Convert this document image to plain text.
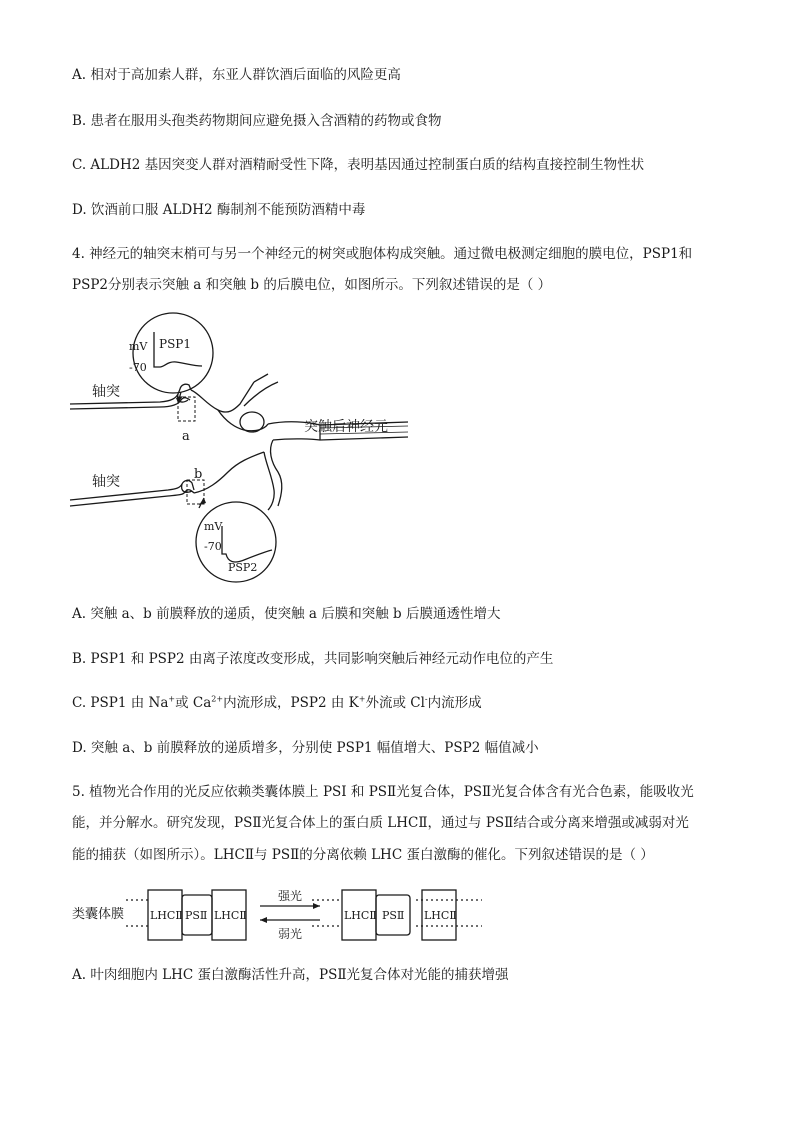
A. 相对于高加索人群，东亚人群饮酒后面临的风险更高
B. 患者在服用头孢类药物期间应避免摄入含酒精的药物或食物
C. ALDH2 基因突变人群对酒精耐受性下降，表明基因通过控制蛋白质的结构直接控制生物性状
D. 饮酒前口服 ALDH2 酶制剂不能预防酒精中毒
4. 神经元的轴突末梢可与另一个神经元的树突或胞体构成突触。通过微电极测定细胞的膜电位，PSP1和
PSP2分别表示突触 a 和突触 b 的后膜电位，如图所示。下列叙述错误的是（ ）
轴突
轴突
a
b
突触后神经元
mV
-70
PSP1
mV
-70
PSP2
A. 突触 a、b 前膜释放的递质，使突触 a 后膜和突触 b 后膜通透性增大
B. PSP1 和 PSP2 由离子浓度改变形成，共同影响突触后神经元动作电位的产生
C. PSP1 由 Na+或 $Ca^{2+}$内流形成，PSP2 由 K+外流或 Cl-内流形成
D. 突触 a、b 前膜释放的递质增多，分别使 PSP1 幅值增大、PSP2 幅值减小
5. 植物光合作用的光反应依赖类囊体膜上 PSI 和 PSⅡ光复合体，PSⅡ光复合体含有光合色素，能吸收光
能，并分解水。研究发现，PSⅡ光复合体上的蛋白质 LHCⅡ，通过与 PSⅡ结合或分离来增强或减弱对光
能的捕获（如图所示）。LHCⅡ与 PSⅡ的分离依赖 LHC 蛋白激酶的催化。下列叙述错误的是（ ）
类囊体膜 LHCⅡ PSⅡ LHCⅡ
强光
弱光
LHCⅡ PSⅡ LHCⅡ
A. 叶肉细胞内 LHC 蛋白激酶活性升高，PSⅡ光复合体对光能的捕获增强
